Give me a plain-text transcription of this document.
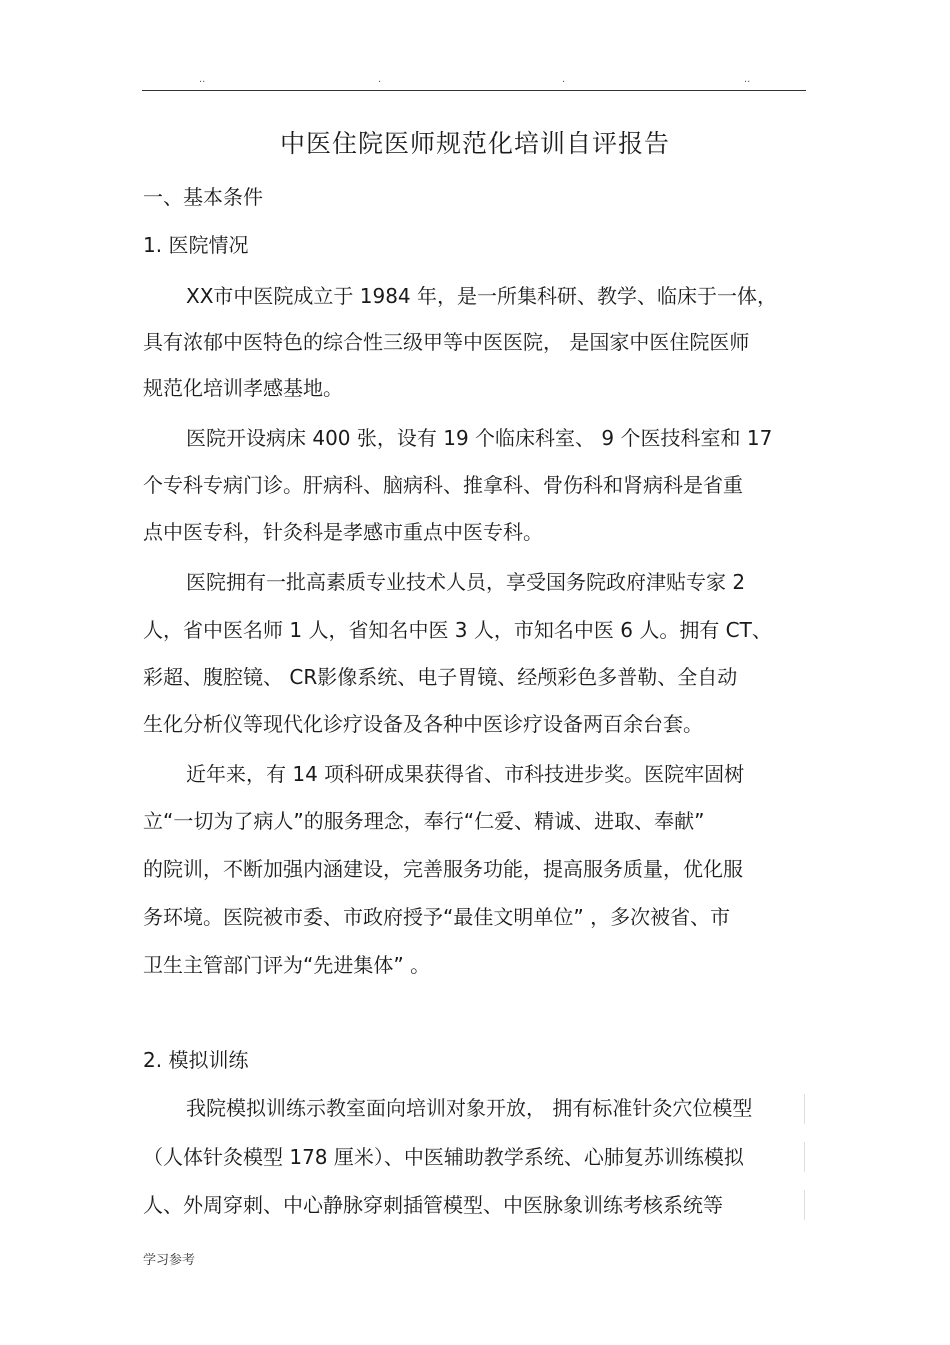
..	.	.	..
中医住院医师规范化培训自评报告
一、基本条件
1. 医院情况
XX市中医院成立于 1984 年，是一所集科研、教学、临床于一体，
具有浓郁中医特色的综合性三级甲等中医医院， 是国家中医住院医师
规范化培训孝感基地。
医院开设病床 400 张，设有 19 个临床科室、 9 个医技科室和 17
个专科专病门诊。肝病科、脑病科、推拿科、骨伤科和肾病科是省重
点中医专科，针灸科是孝感市重点中医专科。
医院拥有一批高素质专业技术人员，享受国务院政府津贴专家 2
人，省中医名师 1 人，省知名中医 3 人，市知名中医 6 人。拥有 CT、
彩超、腹腔镜、 CR影像系统、电子胃镜、经颅彩色多普勒、全自动
生化分析仪等现代化诊疗设备及各种中医诊疗设备两百余台套。
近年来，有 14 项科研成果获得省、市科技进步奖。医院牢固树
立“一切为了病人”的服务理念，奉行“仁爱、精诚、进取、奉献”
的院训，不断加强内涵建设，完善服务功能，提高服务质量，优化服
务环境。医院被市委、市政府授予“最佳文明单位” ，多次被省、市
卫生主管部门评为“先进集体” 。
2. 模拟训练
我院模拟训练示教室面向培训对象开放， 拥有标准针灸穴位模型
（人体针灸模型 178 厘米）、中医辅助教学系统、心肺复苏训练模拟
人、外周穿刺、中心静脉穿刺插管模型、中医脉象训练考核系统等
学习参考
